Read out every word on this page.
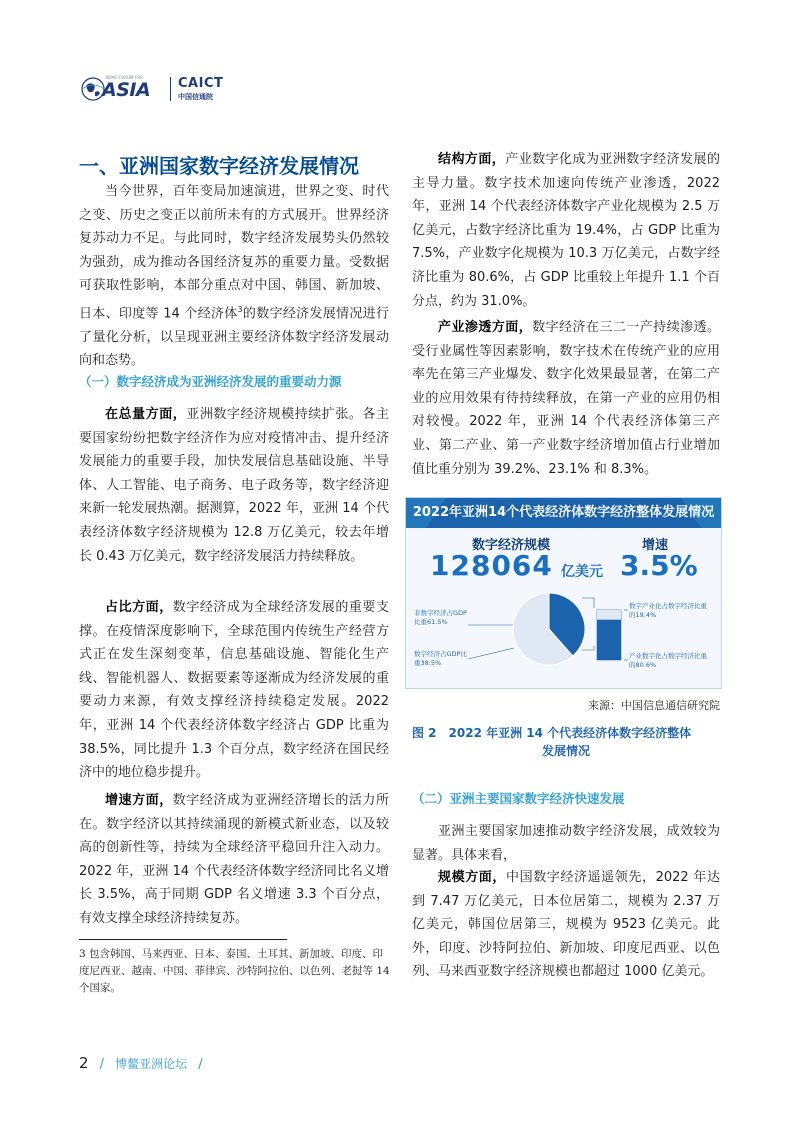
BOAO FORUM FOR
ASIA CAICT
中国信通院
一、亚洲国家数字经济发展情况

当今世界，百年变局加速演进，世界之变、时代之变、历史之变正以前所未有的方式展开。世界经济复苏动力不足。与此同时，数字经济发展势头仍然较为强劲，成为推动各国经济复苏的重要力量。受数据可获取性影响，本部分重点对中国、韩国、新加坡、日本、印度等 14 个经济体$^3$的数字经济发展情况进行了量化分析，以呈现亚洲主要经济体数字经济发展动向和态势。

（一）数字经济成为亚洲经济发展的重要动力源

在总量方面，亚洲数字经济规模持续扩张。各主要国家纷纷把数字经济作为应对疫情冲击、提升经济发展能力的重要手段，加快发展信息基础设施、半导体、人工智能、电子商务、电子政务等，数字经济迎来新一轮发展热潮。据测算，2022 年，亚洲 14 个代表经济体数字经济规模为 12.8 万亿美元，较去年增长 0.43 万亿美元，数字经济发展活力持续释放。

占比方面，数字经济成为全球经济发展的重要支撑。在疫情深度影响下，全球范围内传统生产经营方式正在发生深刻变革，信息基础设施、智能化生产线、智能机器人、数据要素等逐渐成为经济发展的重要动力来源，有效支撑经济持续稳定发展。2022 年，亚洲 14 个代表经济体数字经济占 GDP 比重为 38.5%，同比提升 1.3 个百分点，数字经济在国民经济中的地位稳步提升。

增速方面，数字经济成为亚洲经济增长的活力所在。数字经济以其持续涌现的新模式新业态，以及较高的创新性等，持续为全球经济平稳回升注入动力。2022 年，亚洲 14 个代表经济体数字经济同比名义增长 3.5%，高于同期 GDP 名义增速 3.3 个百分点，有效支撑全球经济持续复苏。

3 包含韩国、马来西亚、日本、泰国、土耳其、新加坡、印度、印度尼西亚、越南、中国、菲律宾、沙特阿拉伯、以色列、老挝等 14 个国家。

结构方面，产业数字化成为亚洲数字经济发展的主导力量。数字技术加速向传统产业渗透，2022 年，亚洲 14 个代表经济体数字产业化规模为 2.5 万亿美元，占数字经济比重为 19.4%，占 GDP 比重为 7.5%，产业数字化规模为 10.3 万亿美元，占数字经济比重为 80.6%，占 GDP 比重较上年提升 1.1 个百分点，约为 31.0%。

产业渗透方面，数字经济在三二一产持续渗透。受行业属性等因素影响，数字技术在传统产业的应用率先在第三产业爆发、数字化效果最显著，在第二产业的应用效果有待持续释放，在第一产业的应用仍相对较慢。2022 年，亚洲 14 个代表经济体第三产业、第二产业、第一产业数字经济增加值占行业增加值比重分别为 39.2%、23.1% 和 8.3%。

2022年亚洲14个代表经济体数字经济整体发展情况
数字经济规模	增速
128064 亿美元 3.5%
非数字经济占GDP比重61.5%
数字经济占GDP比重38.5%
数字产业化占数字经济比重的19.4%
产业数字化占数字经济比重的80.6%
来源：中国信息通信研究院
图 2　2022 年亚洲 14 个代表经济体数字经济整体
发展情况
（二）亚洲主要国家数字经济快速发展

亚洲主要国家加速推动数字经济发展，成效较为显著。具体来看，

规模方面，中国数字经济遥遥领先，2022 年达到 7.47 万亿美元，日本位居第二，规模为 2.37 万亿美元，韩国位居第三，规模为 9523 亿美元。此外，印度、沙特阿拉伯、新加坡、印度尼西亚、以色列、马来西亚数字经济规模也都超过 1000 亿美元。

2 / 博鳌亚洲论坛 /
